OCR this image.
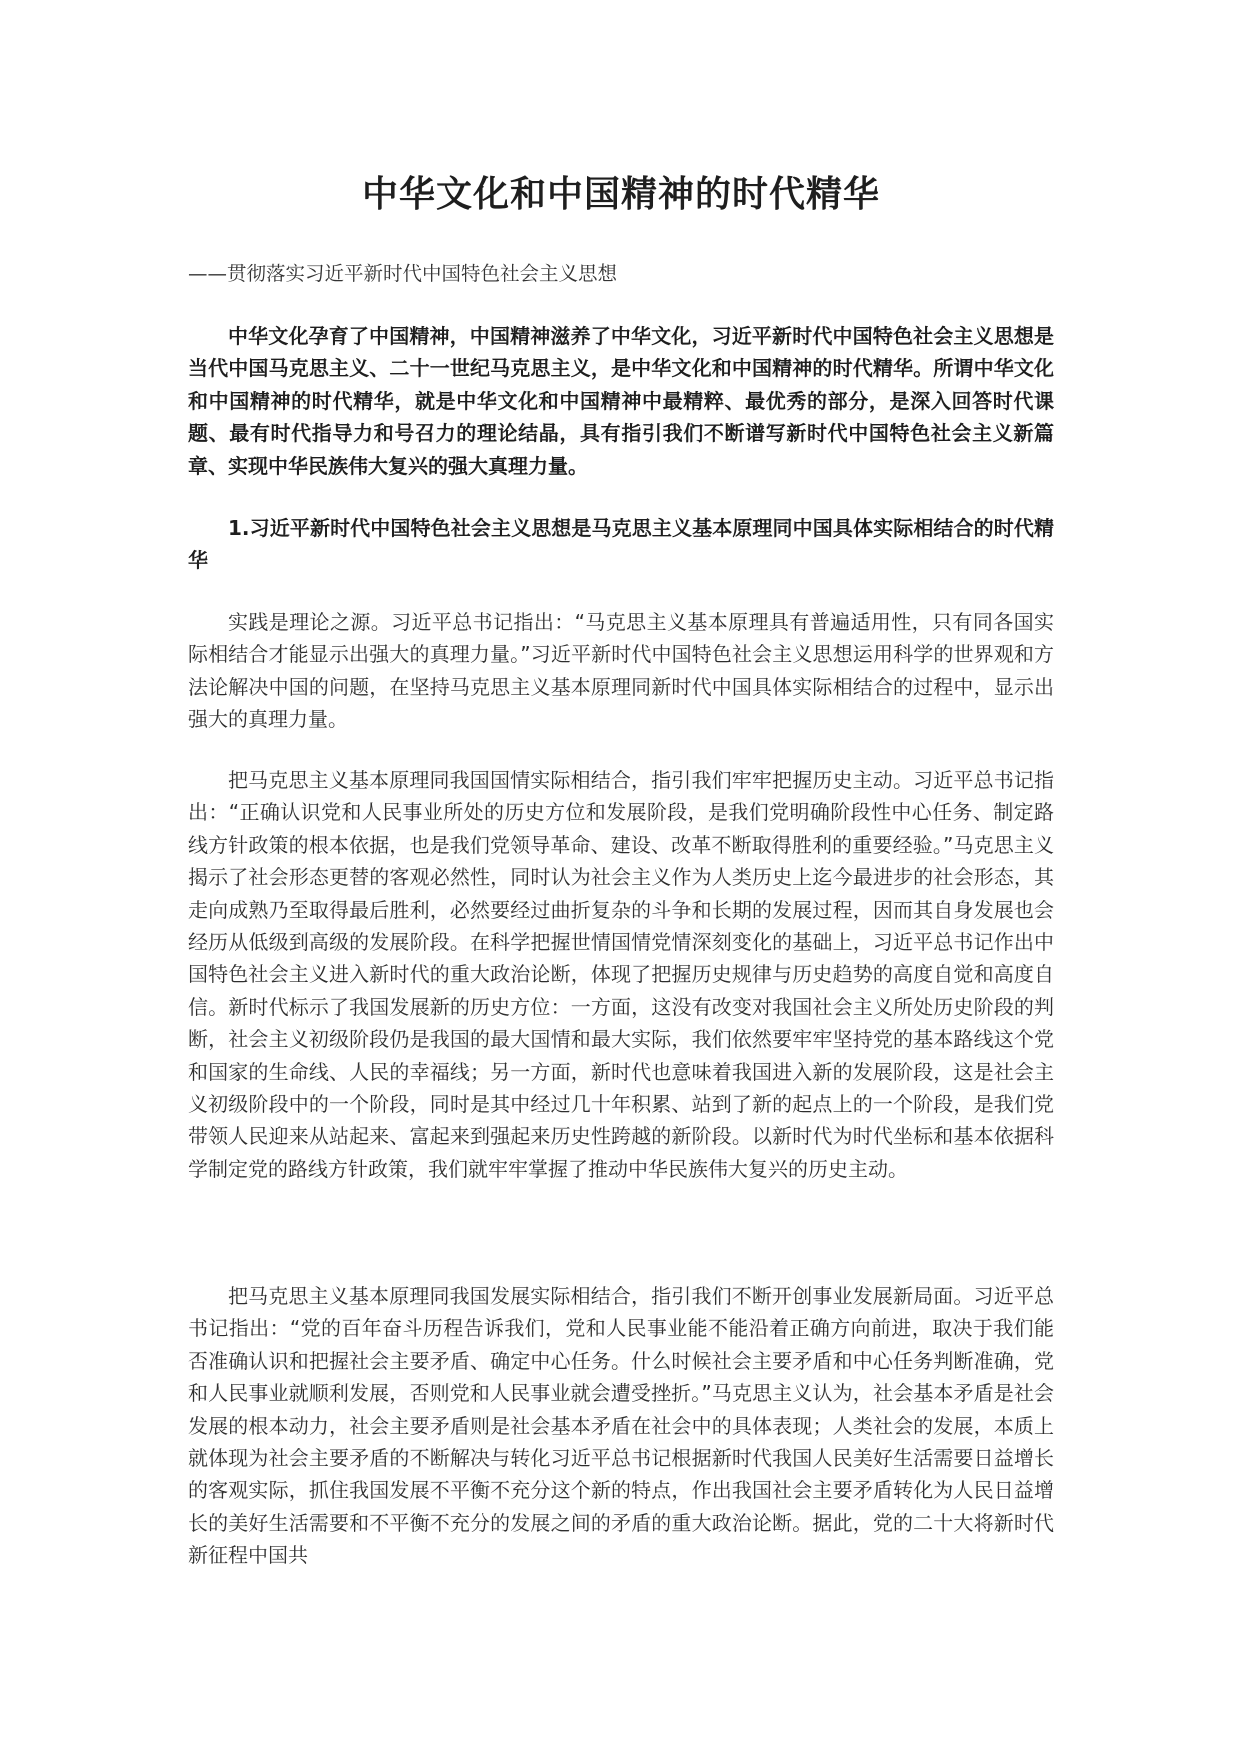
中华文化和中国精神的时代精华

——贯彻落实习近平新时代中国特色社会主义思想

中华文化孕育了中国精神，中国精神滋养了中华文化，习近平新时代中国特色社会主义思想是当代中国马克思主义、二十一世纪马克思主义，是中华文化和中国精神的时代精华。所谓中华文化和中国精神的时代精华，就是中华文化和中国精神中最精粹、最优秀的部分，是深入回答时代课题、最有时代指导力和号召力的理论结晶，具有指引我们不断谱写新时代中国特色社会主义新篇章、实现中华民族伟大复兴的强大真理力量。

1.习近平新时代中国特色社会主义思想是马克思主义基本原理同中国具体实际相结合的时代精华

实践是理论之源。习近平总书记指出：“马克思主义基本原理具有普遍适用性，只有同各国实际相结合才能显示出强大的真理力量。”习近平新时代中国特色社会主义思想运用科学的世界观和方法论解决中国的问题，在坚持马克思主义基本原理同新时代中国具体实际相结合的过程中，显示出强大的真理力量。

把马克思主义基本原理同我国国情实际相结合，指引我们牢牢把握历史主动。习近平总书记指出：“正确认识党和人民事业所处的历史方位和发展阶段，是我们党明确阶段性中心任务、制定路线方针政策的根本依据，也是我们党领导革命、建设、改革不断取得胜利的重要经验。”马克思主义揭示了社会形态更替的客观必然性，同时认为社会主义作为人类历史上迄今最进步的社会形态，其走向成熟乃至取得最后胜利，必然要经过曲折复杂的斗争和长期的发展过程，因而其自身发展也会经历从低级到高级的发展阶段。在科学把握世情国情党情深刻变化的基础上，习近平总书记作出中国特色社会主义进入新时代的重大政治论断，体现了把握历史规律与历史趋势的高度自觉和高度自信。新时代标示了我国发展新的历史方位：一方面，这没有改变对我国社会主义所处历史阶段的判断，社会主义初级阶段仍是我国的最大国情和最大实际，我们依然要牢牢坚持党的基本路线这个党和国家的生命线、人民的幸福线；另一方面，新时代也意味着我国进入新的发展阶段，这是社会主义初级阶段中的一个阶段，同时是其中经过几十年积累、站到了新的起点上的一个阶段，是我们党带领人民迎来从站起来、富起来到强起来历史性跨越的新阶段。以新时代为时代坐标和基本依据科学制定党的路线方针政策，我们就牢牢掌握了推动中华民族伟大复兴的历史主动。

把马克思主义基本原理同我国发展实际相结合，指引我们不断开创事业发展新局面。习近平总书记指出：“党的百年奋斗历程告诉我们，党和人民事业能不能沿着正确方向前进，取决于我们能否准确认识和把握社会主要矛盾、确定中心任务。什么时候社会主要矛盾和中心任务判断准确，党和人民事业就顺利发展，否则党和人民事业就会遭受挫折。”马克思主义认为，社会基本矛盾是社会发展的根本动力，社会主要矛盾则是社会基本矛盾在社会中的具体表现；人类社会的发展，本质上就体现为社会主要矛盾的不断解决与转化习近平总书记根据新时代我国人民美好生活需要日益增长的客观实际，抓住我国发展不平衡不充分这个新的特点，作出我国社会主要矛盾转化为人民日益增长的美好生活需要和不平衡不充分的发展之间的矛盾的重大政治论断。据此，党的二十大将新时代新征程中国共
